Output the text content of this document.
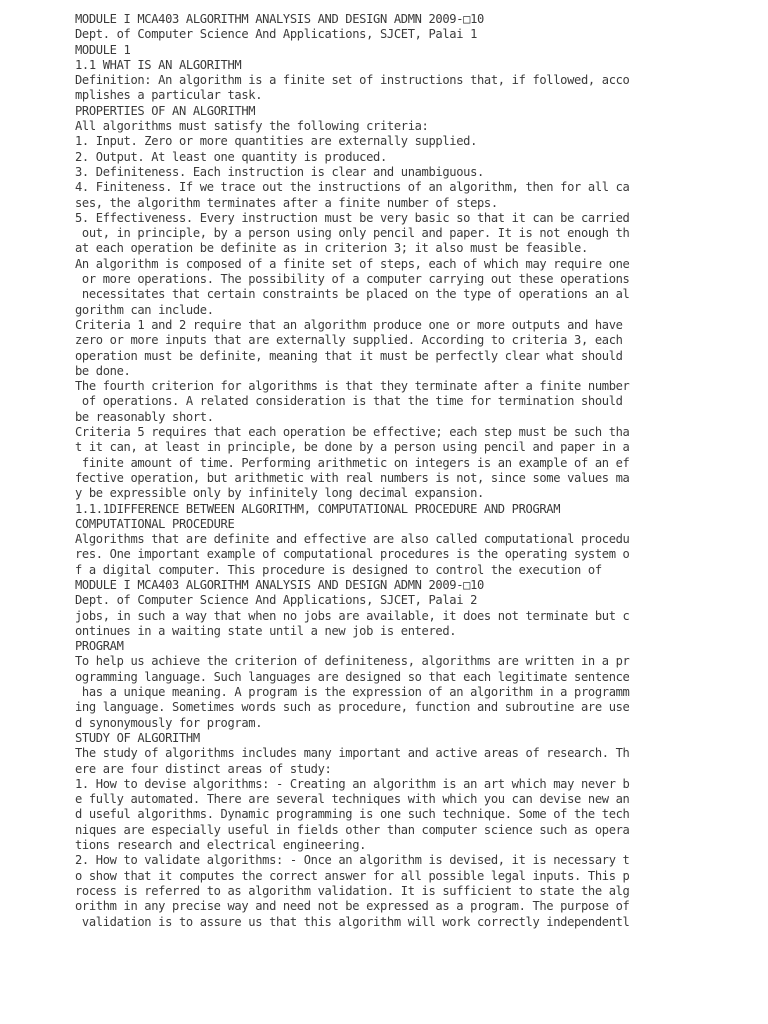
MODULE I MCA403 ALGORITHM ANALYSIS AND DESIGN ADMN 2009-□10
Dept. of Computer Science And Applications, SJCET, Palai 1
MODULE 1
1.1 WHAT IS AN ALGORITHM
Definition: An algorithm is a finite set of instructions that, if followed, acco
mplishes a particular task.
PROPERTIES OF AN ALGORITHM
All algorithms must satisfy the following criteria:
1. Input. Zero or more quantities are externally supplied.
2. Output. At least one quantity is produced.
3. Definiteness. Each instruction is clear and unambiguous.
4. Finiteness. If we trace out the instructions of an algorithm, then for all ca
ses, the algorithm terminates after a finite number of steps.
5. Effectiveness. Every instruction must be very basic so that it can be carried
out, in principle, by a person using only pencil and paper. It is not enough th
at each operation be definite as in criterion 3; it also must be feasible.
An algorithm is composed of a finite set of steps, each of which may require one
or more operations. The possibility of a computer carrying out these operations
necessitates that certain constraints be placed on the type of operations an al
gorithm can include.
Criteria 1 and 2 require that an algorithm produce one or more outputs and have
zero or more inputs that are externally supplied. According to criteria 3, each
operation must be definite, meaning that it must be perfectly clear what should
be done.
The fourth criterion for algorithms is that they terminate after a finite number
of operations. A related consideration is that the time for termination should
be reasonably short.
Criteria 5 requires that each operation be effective; each step must be such tha
t it can, at least in principle, be done by a person using pencil and paper in a
finite amount of time. Performing arithmetic on integers is an example of an ef
fective operation, but arithmetic with real numbers is not, since some values ma
y be expressible only by infinitely long decimal expansion.
1.1.1DIFFERENCE BETWEEN ALGORITHM, COMPUTATIONAL PROCEDURE AND PROGRAM
COMPUTATIONAL PROCEDURE
Algorithms that are definite and effective are also called computational procedu
res. One important example of computational procedures is the operating system o
f a digital computer. This procedure is designed to control the execution of
MODULE I MCA403 ALGORITHM ANALYSIS AND DESIGN ADMN 2009-□10
Dept. of Computer Science And Applications, SJCET, Palai 2
jobs, in such a way that when no jobs are available, it does not terminate but c
ontinues in a waiting state until a new job is entered.
PROGRAM
To help us achieve the criterion of definiteness, algorithms are written in a pr
ogramming language. Such languages are designed so that each legitimate sentence
has a unique meaning. A program is the expression of an algorithm in a programm
ing language. Sometimes words such as procedure, function and subroutine are use
d synonymously for program.
STUDY OF ALGORITHM
The study of algorithms includes many important and active areas of research. Th
ere are four distinct areas of study:
1. How to devise algorithms: - Creating an algorithm is an art which may never b
e fully automated. There are several techniques with which you can devise new an
d useful algorithms. Dynamic programming is one such technique. Some of the tech
niques are especially useful in fields other than computer science such as opera
tions research and electrical engineering.
2. How to validate algorithms: - Once an algorithm is devised, it is necessary t
o show that it computes the correct answer for all possible legal inputs. This p
rocess is referred to as algorithm validation. It is sufficient to state the alg
orithm in any precise way and need not be expressed as a program. The purpose of
validation is to assure us that this algorithm will work correctly independentl
